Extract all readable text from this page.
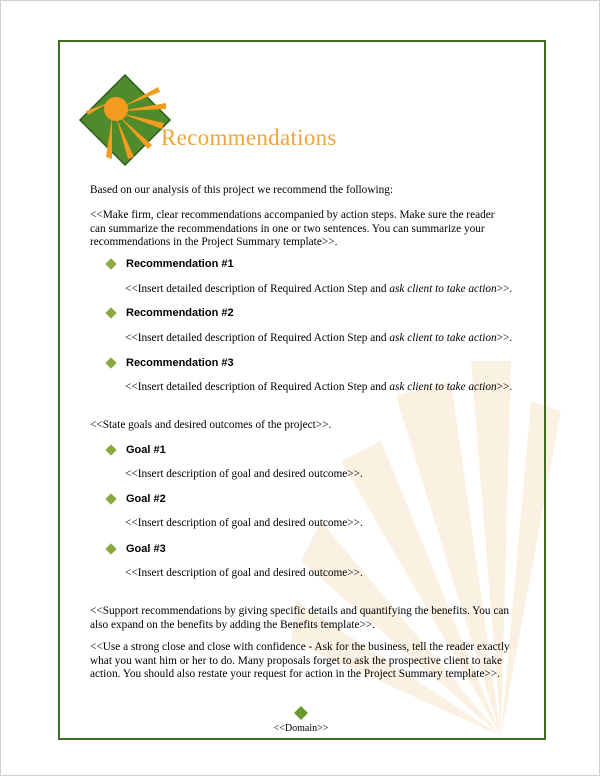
Recommendations

Based on our analysis of this project we recommend the following:

<<Make firm, clear recommendations accompanied by action steps. Make sure the reader can summarize the recommendations in one or two sentences. You can summarize your recommendations in the Project Summary template>>.

Recommendation #1

<<Insert detailed description of Required Action Step and ask client to take action>>.

Recommendation #2

<<Insert detailed description of Required Action Step and ask client to take action>>.

Recommendation #3

<<Insert detailed description of Required Action Step and ask client to take action>>.

<<State goals and desired outcomes of the project>>.

Goal #1

<<Insert description of goal and desired outcome>>.

Goal #2

<<Insert description of goal and desired outcome>>.

Goal #3

<<Insert description of goal and desired outcome>>.

<<Support recommendations by giving specific details and quantifying the benefits. You can also expand on the benefits by adding the Benefits template>>.

<<Use a strong close and close with confidence - Ask for the business, tell the reader exactly what you want him or her to do. Many proposals forget to ask the prospective client to take action. You should also restate your request for action in the Project Summary template>>.

<<Domain>>
